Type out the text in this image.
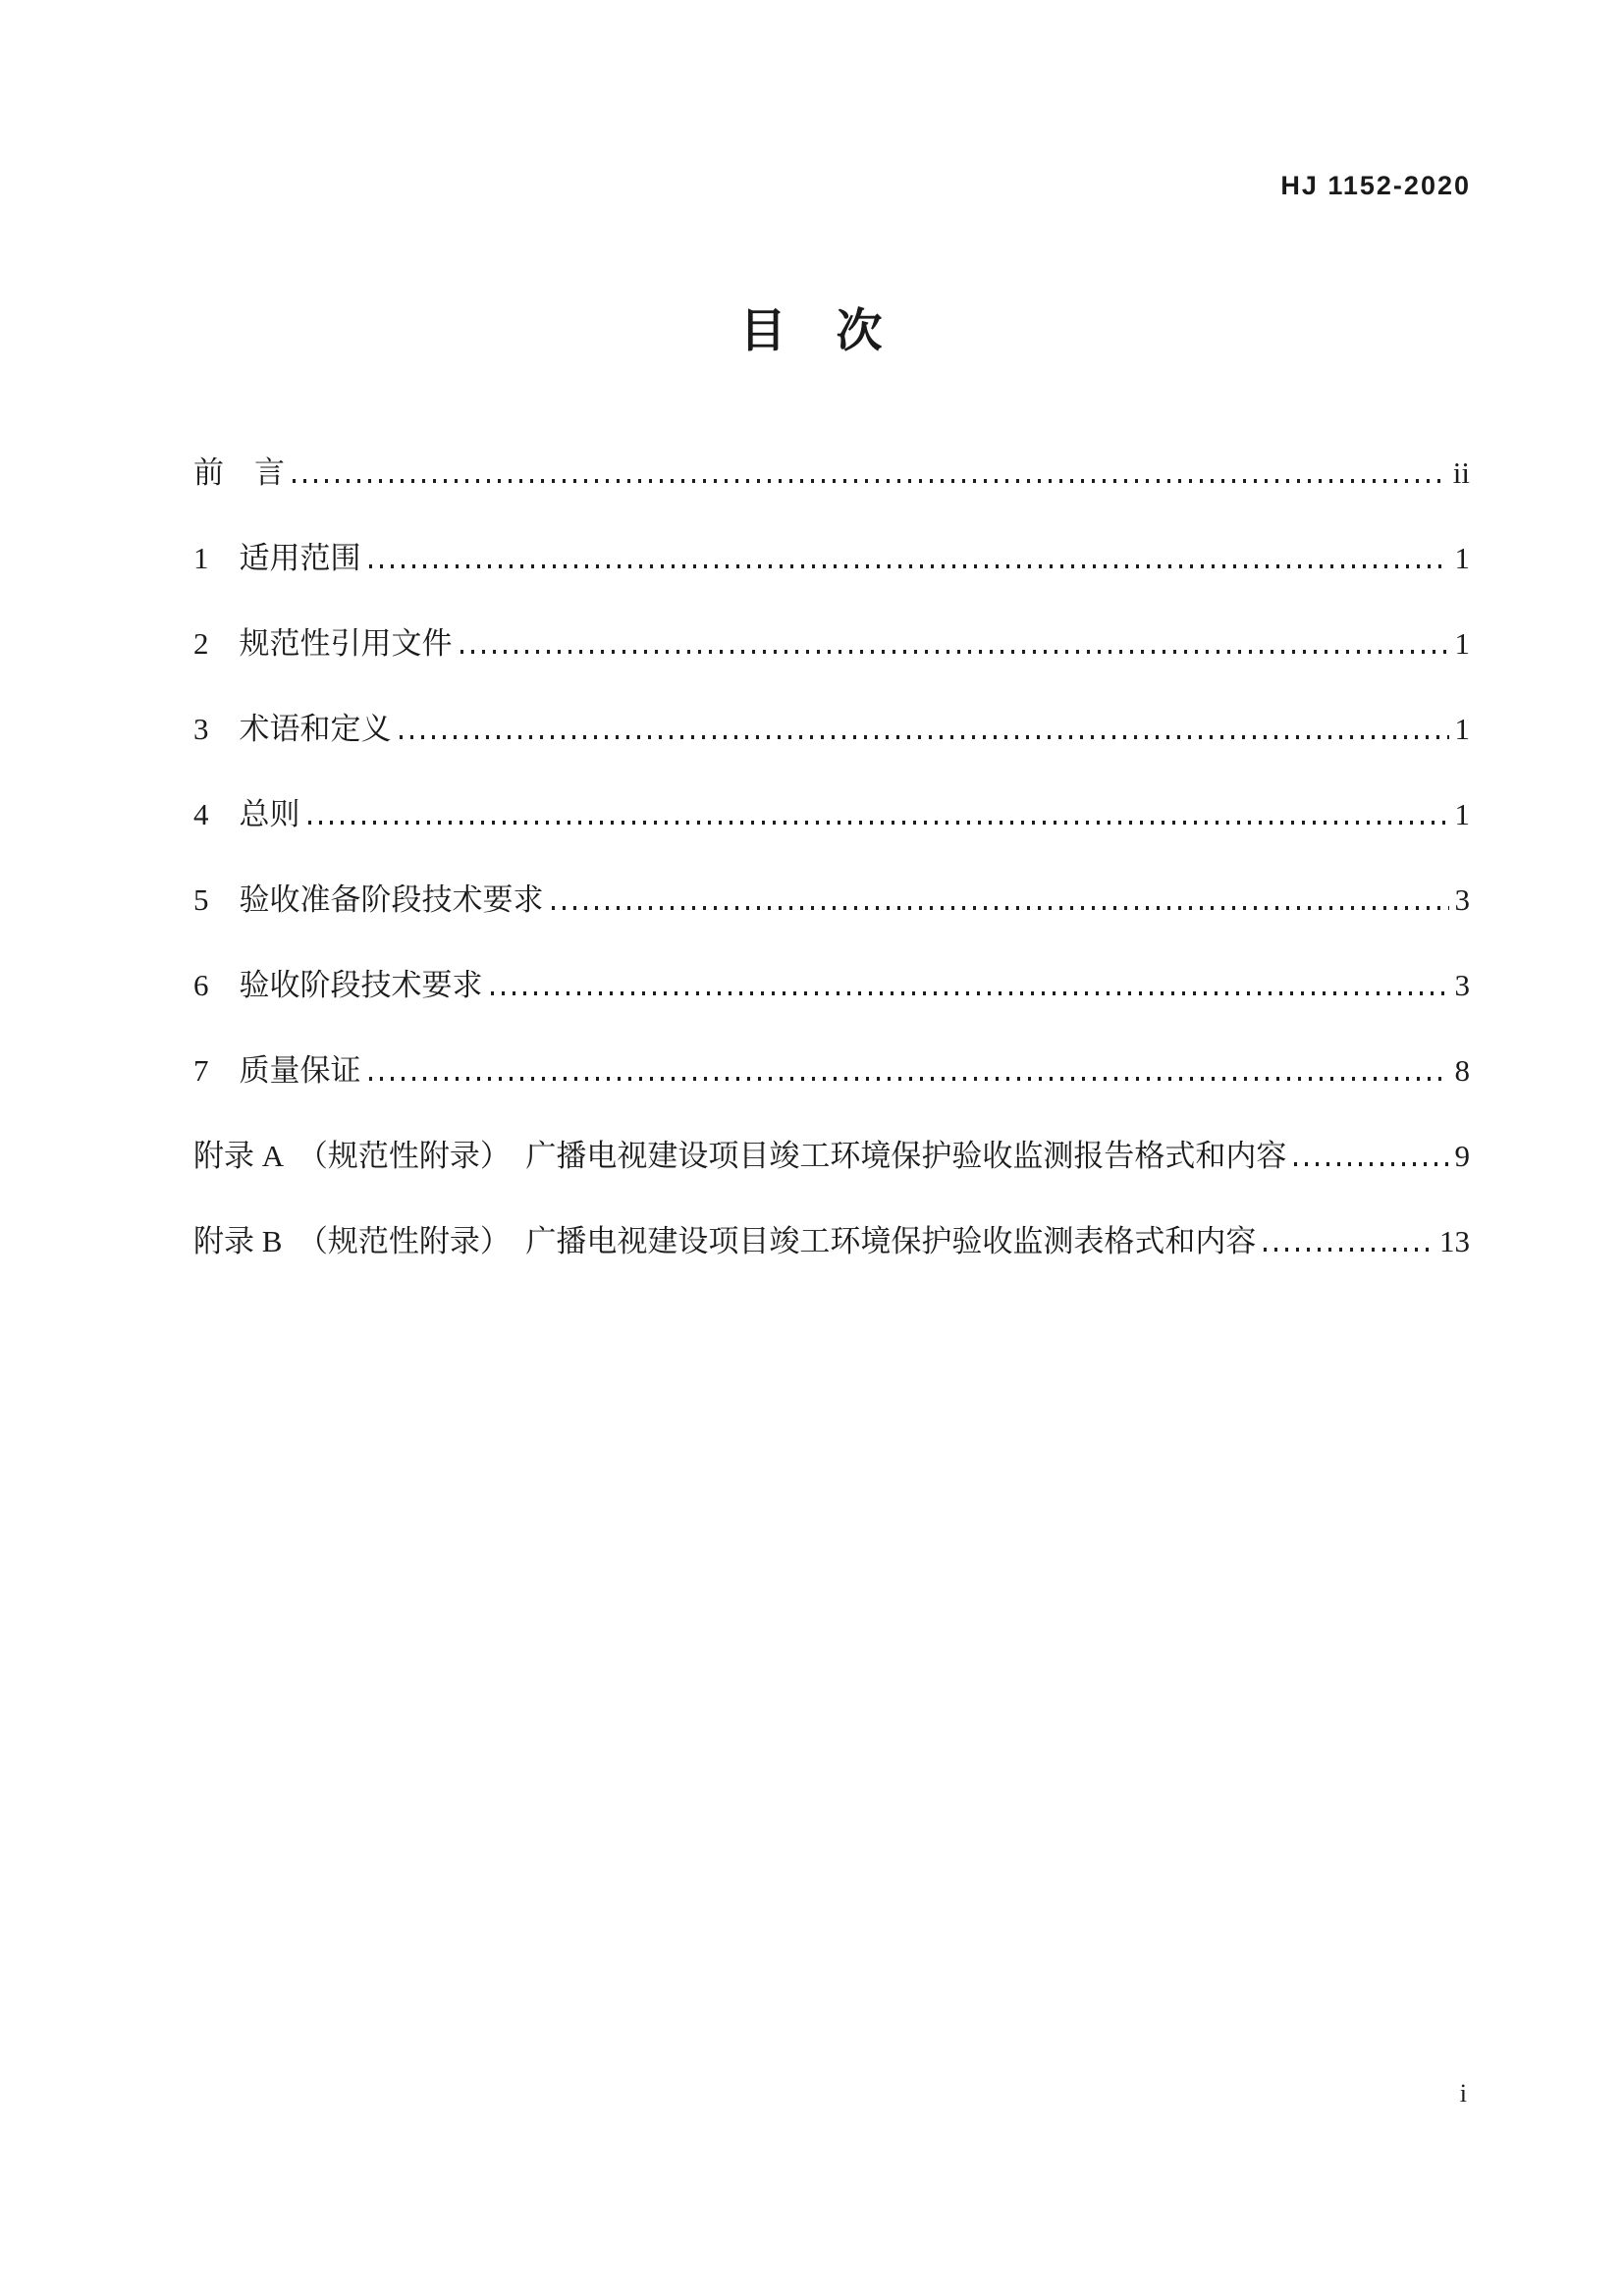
HJ 1152-2020
目　次
前　言	ii
1　适用范围	1
2　规范性引用文件	1
3　术语和定义	1
4　总则	1
5　验收准备阶段技术要求	3
6　验收阶段技术要求	3
7　质量保证	8
附录 A　（规范性附录）　广播电视建设项目竣工环境保护验收监测报告格式和内容	9
附录 B　（规范性附录）　广播电视建设项目竣工环境保护验收监测表格式和内容	13
i
